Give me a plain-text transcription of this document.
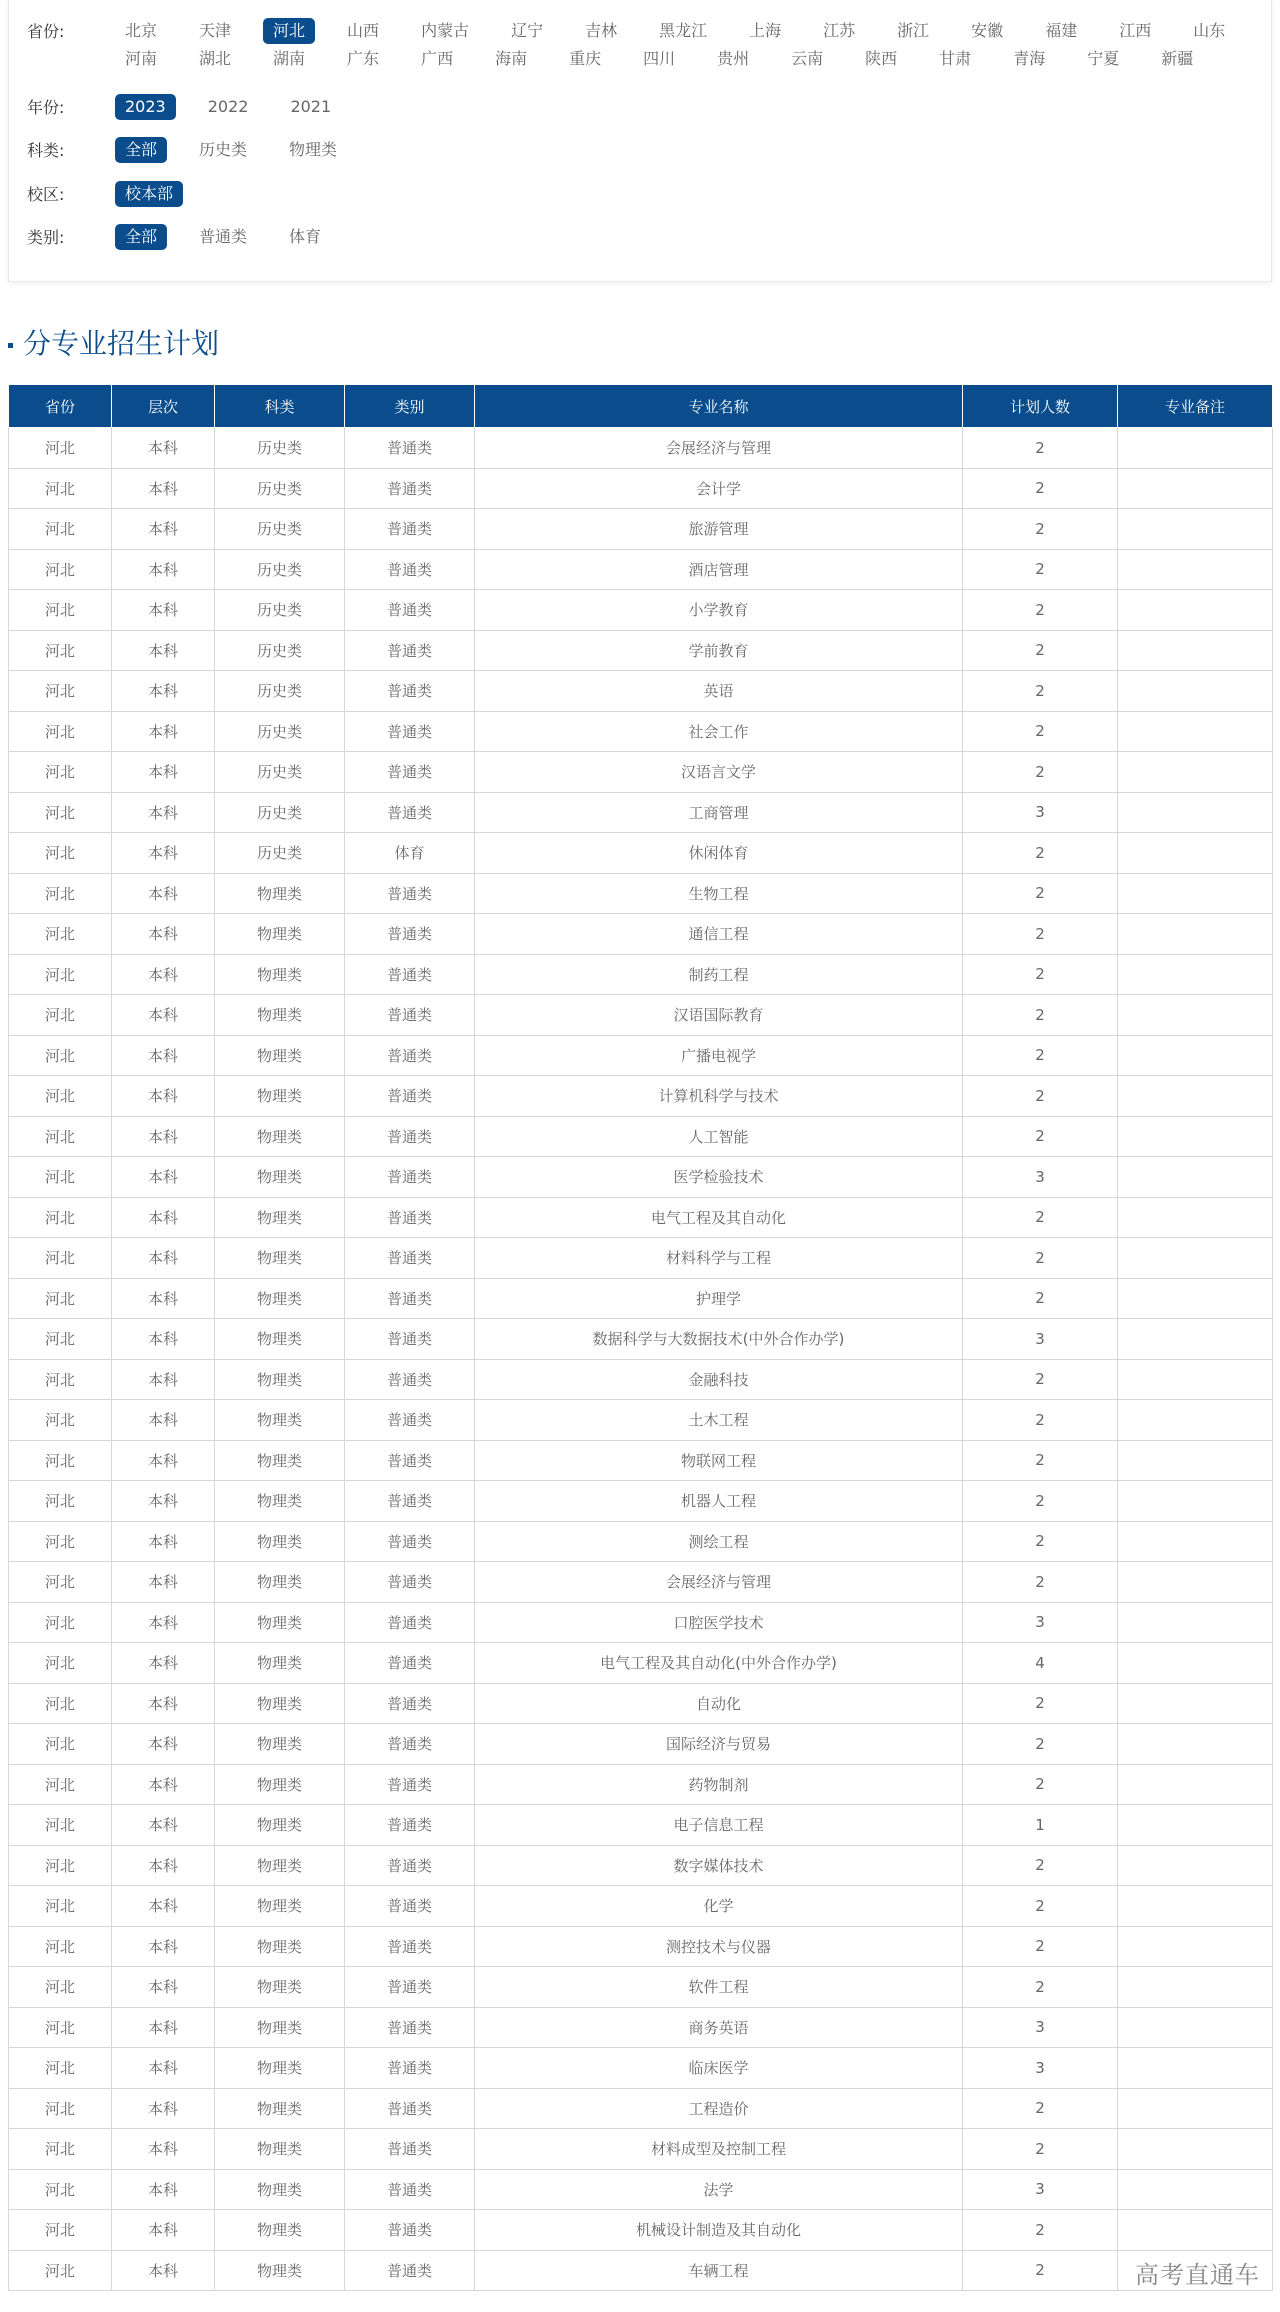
省份:	北京	天津	河北	山西	内蒙古	辽宁	吉林	黑龙江	上海	江苏	浙江	安徽	福建	江西	山东
河南	湖北	湖南	广东	广西	海南	重庆	四川	贵州	云南	陕西	甘肃	青海	宁夏	新疆
年份:	2023	2022	2021
科类:	全部	历史类	物理类
校区:	校本部
类别:	全部	普通类	体育
分专业招生计划
省份	层次	科类	类别	专业名称	计划人数	专业备注
河北	本科	历史类	普通类	会展经济与管理	2	
河北	本科	历史类	普通类	会计学	2	
河北	本科	历史类	普通类	旅游管理	2	
河北	本科	历史类	普通类	酒店管理	2	
河北	本科	历史类	普通类	小学教育	2	
河北	本科	历史类	普通类	学前教育	2	
河北	本科	历史类	普通类	英语	2	
河北	本科	历史类	普通类	社会工作	2	
河北	本科	历史类	普通类	汉语言文学	2	
河北	本科	历史类	普通类	工商管理	3	
河北	本科	历史类	体育	休闲体育	2	
河北	本科	物理类	普通类	生物工程	2	
河北	本科	物理类	普通类	通信工程	2	
河北	本科	物理类	普通类	制药工程	2	
河北	本科	物理类	普通类	汉语国际教育	2	
河北	本科	物理类	普通类	广播电视学	2	
河北	本科	物理类	普通类	计算机科学与技术	2	
河北	本科	物理类	普通类	人工智能	2	
河北	本科	物理类	普通类	医学检验技术	3	
河北	本科	物理类	普通类	电气工程及其自动化	2	
河北	本科	物理类	普通类	材料科学与工程	2	
河北	本科	物理类	普通类	护理学	2	
河北	本科	物理类	普通类	数据科学与大数据技术(中外合作办学)	3	
河北	本科	物理类	普通类	金融科技	2	
河北	本科	物理类	普通类	土木工程	2	
河北	本科	物理类	普通类	物联网工程	2	
河北	本科	物理类	普通类	机器人工程	2	
河北	本科	物理类	普通类	测绘工程	2	
河北	本科	物理类	普通类	会展经济与管理	2	
河北	本科	物理类	普通类	口腔医学技术	3	
河北	本科	物理类	普通类	电气工程及其自动化(中外合作办学)	4	
河北	本科	物理类	普通类	自动化	2	
河北	本科	物理类	普通类	国际经济与贸易	2	
河北	本科	物理类	普通类	药物制剂	2	
河北	本科	物理类	普通类	电子信息工程	1	
河北	本科	物理类	普通类	数字媒体技术	2	
河北	本科	物理类	普通类	化学	2	
河北	本科	物理类	普通类	测控技术与仪器	2	
河北	本科	物理类	普通类	软件工程	2	
河北	本科	物理类	普通类	商务英语	3	
河北	本科	物理类	普通类	临床医学	3	
河北	本科	物理类	普通类	工程造价	2	
河北	本科	物理类	普通类	材料成型及控制工程	2	
河北	本科	物理类	普通类	法学	3	
河北	本科	物理类	普通类	机械设计制造及其自动化	2	
河北	本科	物理类	普通类	车辆工程	2		高考直通车
